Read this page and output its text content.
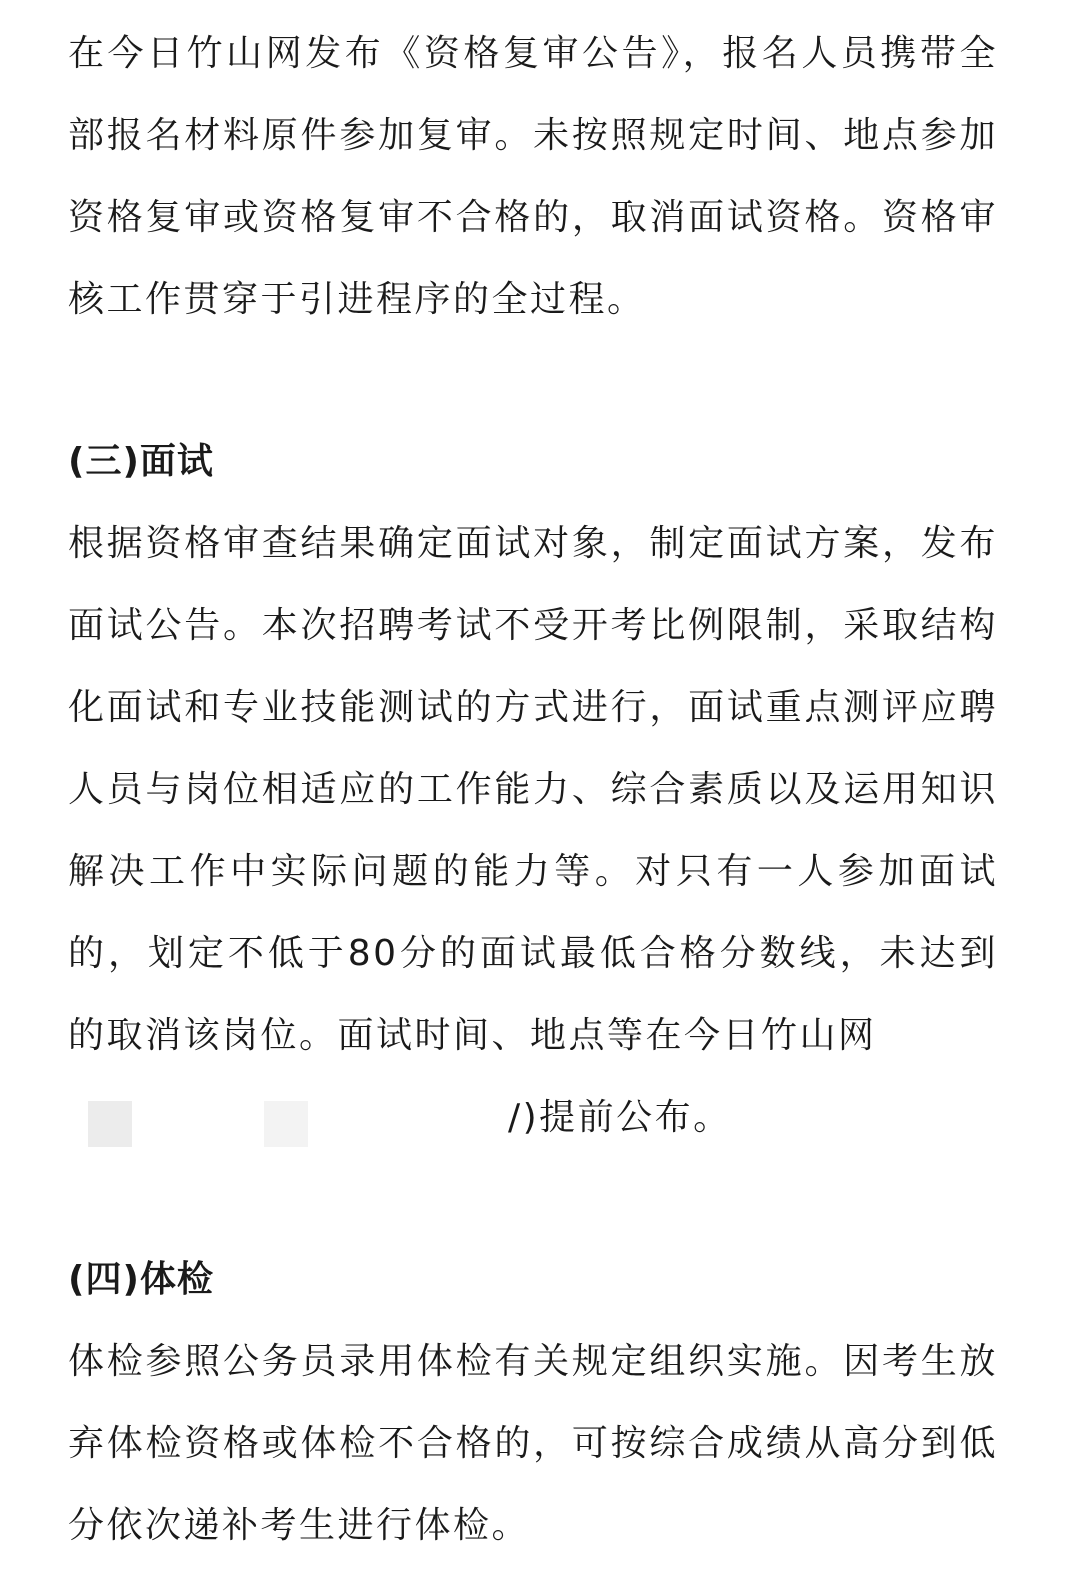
在今日竹山网发布《资格复审公告》，报名人员携带全部报名材料原件参加复审。未按照规定时间、地点参加资格复审或资格复审不合格的，取消面试资格。资格审核工作贯穿于引进程序的全过程。

(三)面试

根据资格审查结果确定面试对象，制定面试方案，发布面试公告。本次招聘考试不受开考比例限制，采取结构化面试和专业技能测试的方式进行，面试重点测评应聘人员与岗位相适应的工作能力、综合素质以及运用知识解决工作中实际问题的能力等。对只有一人参加面试的，划定不低于80分的面试最低合格分数线，未达到的取消该岗位。面试时间、地点等在今日竹山网

/)提前公布。
(四)体检

体检参照公务员录用体检有关规定组织实施。因考生放弃体检资格或体检不合格的，可按综合成绩从高分到低分依次递补考生进行体检。
